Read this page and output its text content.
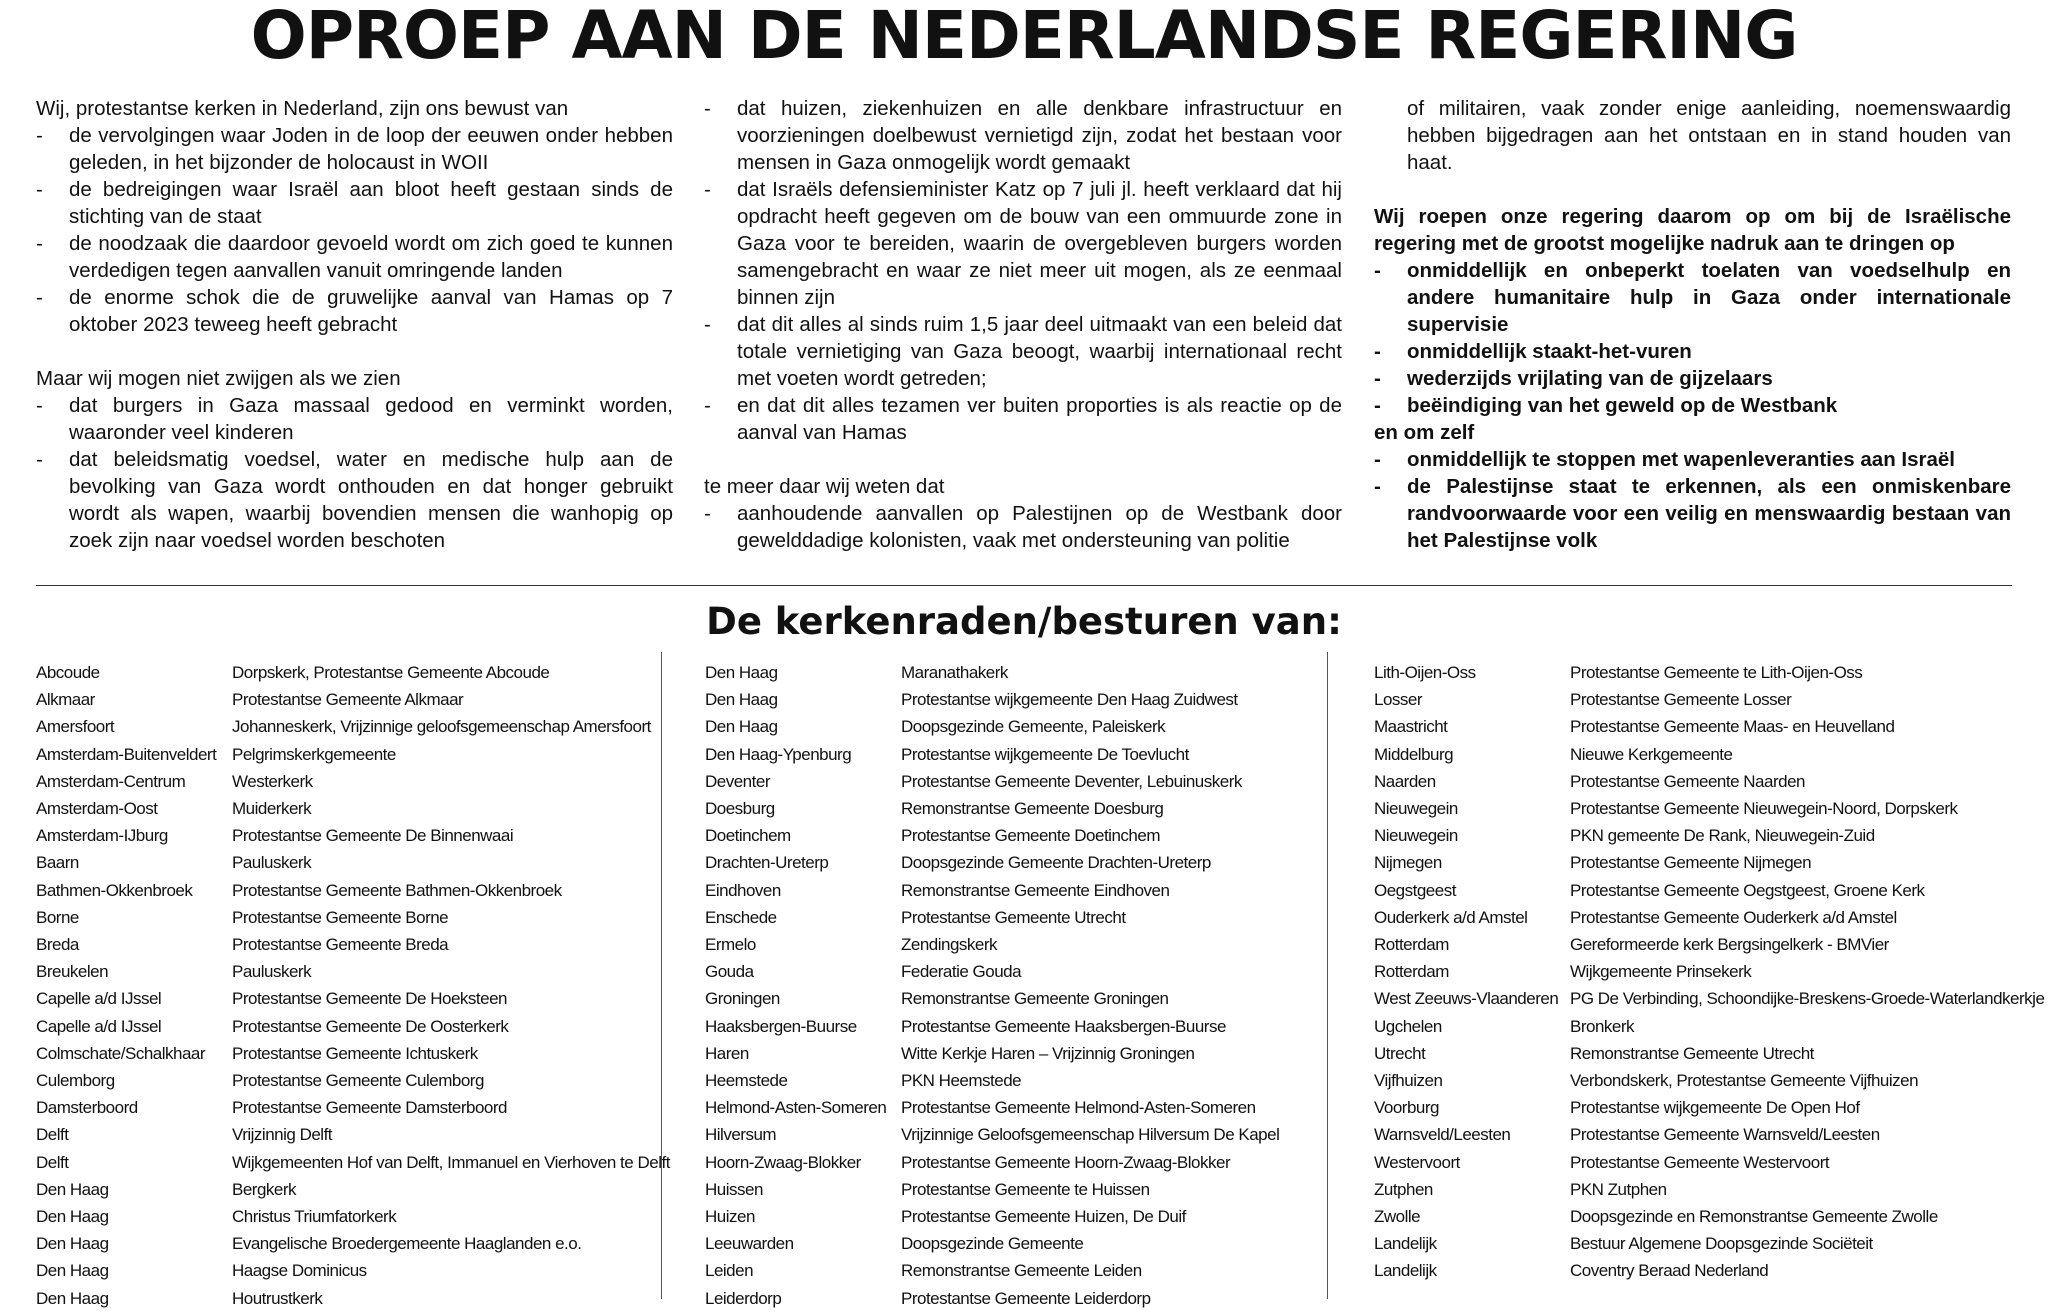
OPROEP AAN DE NEDERLANDSE REGERING

Wij, protestantse kerken in Nederland, zijn ons bewust van

- de vervolgingen waar Joden in de loop der eeuwen onder hebben geleden, in het bijzonder de holocaust in WOII
- de bedreigingen waar Israël aan bloot heeft gestaan sinds de stichting van de staat
- de noodzaak die daardoor gevoeld wordt om zich goed te kunnen verdedigen tegen aanvallen vanuit omringende landen
- de enorme schok die de gruwelijke aanval van Hamas op 7 oktober 2023 teweeg heeft gebracht

Maar wij mogen niet zwijgen als we zien

- dat burgers in Gaza massaal gedood en verminkt worden, waaronder veel kinderen
- dat beleidsmatig voedsel, water en medische hulp aan de bevolking van Gaza wordt onthouden en dat honger gebruikt wordt als wapen, waarbij bovendien mensen die wanhopig op zoek zijn naar voedsel worden beschoten
- dat huizen, ziekenhuizen en alle denkbare infrastructuur en voorzieningen doelbewust vernietigd zijn, zodat het bestaan voor mensen in Gaza onmogelijk wordt gemaakt
- dat Israëls defensieminister Katz op 7 juli jl. heeft verklaard dat hij opdracht heeft gegeven om de bouw van een ommuurde zone in Gaza voor te bereiden, waarin de overgebleven burgers worden samengebracht en waar ze niet meer uit mogen, als ze eenmaal binnen zijn
- dat dit alles al sinds ruim 1,5 jaar deel uitmaakt van een beleid dat totale vernietiging van Gaza beoogt, waarbij internationaal recht met voeten wordt getreden;
- en dat dit alles tezamen ver buiten proporties is als reactie op de aanval van Hamas

te meer daar wij weten dat

- aanhoudende aanvallen op Palestijnen op de Westbank door gewelddadige kolonisten, vaak met ondersteuning van politie

of militairen, vaak zonder enige aanleiding, noemenswaardig hebben bijgedragen aan het ontstaan en in stand houden van haat.

Wij roepen onze regering daarom op om bij de Israëlische regering met de grootst mogelijke nadruk aan te dringen op

- onmiddellijk en onbeperkt toelaten van voedselhulp en andere humanitaire hulp in Gaza onder internationale supervisie
- onmiddellijk staakt-het-vuren
- wederzijds vrijlating van de gijzelaars
- beëindiging van het geweld op de Westbank

en om zelf

- onmiddellijk te stoppen met wapenleveranties aan Israël
- de Palestijnse staat te erkennen, als een onmiskenbare randvoorwaarde voor een veilig en menswaardig bestaan van het Palestijnse volk
De kerkenraden/besturen van:
Abcoude	Dorpskerk, Protestantse Gemeente Abcoude
Alkmaar	Protestantse Gemeente Alkmaar
Amersfoort	Johanneskerk, Vrijzinnige geloofsgemeenschap Amersfoort
Amsterdam-Buitenveldert Pelgrimskerkgemeente
Amsterdam-Centrum	Westerkerk
Amsterdam-Oost	Muiderkerk
Amsterdam-IJburg	Protestantse Gemeente De Binnenwaai
Baarn	Pauluskerk
Bathmen-Okkenbroek	Protestantse Gemeente Bathmen-Okkenbroek
Borne	Protestantse Gemeente Borne
Breda	Protestantse Gemeente Breda
Breukelen	Pauluskerk
Capelle a/d IJssel	Protestantse Gemeente De Hoeksteen
Capelle a/d IJssel	Protestantse Gemeente De Oosterkerk
Colmschate/Schalkhaar	Protestantse Gemeente Ichtuskerk
Culemborg	Protestantse Gemeente Culemborg
Damsterboord	Protestantse Gemeente Damsterboord
Delft	Vrijzinnig Delft
Delft	Wijkgemeenten Hof van Delft, Immanuel en Vierhoven te Delft
Den Haag	Bergkerk
Den Haag	Christus Triumfatorkerk
Den Haag	Evangelische Broedergemeente Haaglanden e.o.
Den Haag	Haagse Dominicus
Den Haag	Houtrustkerk
Den Haag	Maranathakerk
Den Haag	Protestantse wijkgemeente Den Haag Zuidwest
Den Haag	Doopsgezinde Gemeente, Paleiskerk
Den Haag-Ypenburg	Protestantse wijkgemeente De Toevlucht
Deventer	Protestantse Gemeente Deventer, Lebuinuskerk
Doesburg	Remonstrantse Gemeente Doesburg
Doetinchem	Protestantse Gemeente Doetinchem
Drachten-Ureterp	Doopsgezinde Gemeente Drachten-Ureterp
Eindhoven	Remonstrantse Gemeente Eindhoven
Enschede	Protestantse Gemeente Utrecht
Ermelo	Zendingskerk
Gouda	Federatie Gouda
Groningen	Remonstrantse Gemeente Groningen
Haaksbergen-Buurse	Protestantse Gemeente Haaksbergen-Buurse
Haren	Witte Kerkje Haren – Vrijzinnig Groningen
Heemstede	PKN Heemstede
Helmond-Asten-Someren Protestantse Gemeente Helmond-Asten-Someren
Hilversum	Vrijzinnige Geloofsgemeenschap Hilversum De Kapel
Hoorn-Zwaag-Blokker	Protestantse Gemeente Hoorn-Zwaag-Blokker
Huissen	Protestantse Gemeente te Huissen
Huizen	Protestantse Gemeente Huizen, De Duif
Leeuwarden	Doopsgezinde Gemeente
Leiden	Remonstrantse Gemeente Leiden
Leiderdorp	Protestantse Gemeente Leiderdorp
Lith-Oijen-Oss	Protestantse Gemeente te Lith-Oijen-Oss
Losser	Protestantse Gemeente Losser
Maastricht	Protestantse Gemeente Maas- en Heuvelland
Middelburg	Nieuwe Kerkgemeente
Naarden	Protestantse Gemeente Naarden
Nieuwegein	Protestantse Gemeente Nieuwegein-Noord, Dorpskerk
Nieuwegein	PKN gemeente De Rank, Nieuwegein-Zuid
Nijmegen	Protestantse Gemeente Nijmegen
Oegstgeest	Protestantse Gemeente Oegstgeest, Groene Kerk
Ouderkerk a/d Amstel	Protestantse Gemeente Ouderkerk a/d Amstel
Rotterdam	Gereformeerde kerk Bergsingelkerk - BMVier
Rotterdam	Wijkgemeente Prinsekerk
West Zeeuws-Vlaanderen PG De Verbinding, Schoondijke-Breskens-Groede-Waterlandkerkje
Ugchelen	Bronkerk
Utrecht	Remonstrantse Gemeente Utrecht
Vijfhuizen	Verbondskerk, Protestantse Gemeente Vijfhuizen
Voorburg	Protestantse wijkgemeente De Open Hof
Warnsveld/Leesten	Protestantse Gemeente Warnsveld/Leesten
Westervoort	Protestantse Gemeente Westervoort
Zutphen	PKN Zutphen
Zwolle	Doopsgezinde en Remonstrantse Gemeente Zwolle
Landelijk	Bestuur Algemene Doopsgezinde Sociëteit
Landelijk	Coventry Beraad Nederland
